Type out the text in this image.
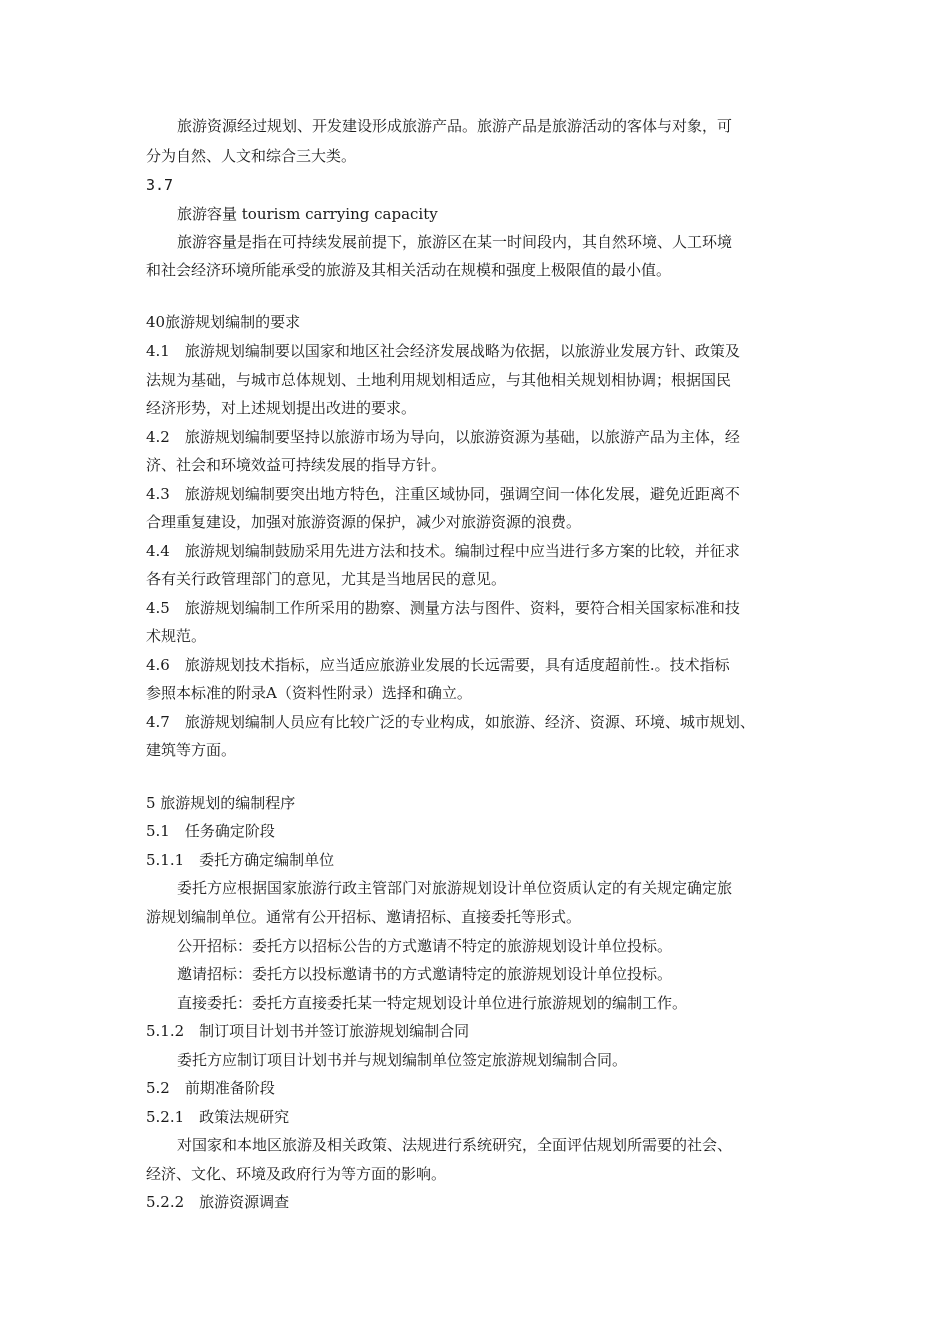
旅游资源经过规划、开发建设形成旅游产品。旅游产品是旅游活动的客体与对象，可
分为自然、人文和综合三大类。
3.7
旅游容量 tourism carrying capacity
旅游容量是指在可持续发展前提下，旅游区在某一时间段内，其自然环境、人工环境
和社会经济环境所能承受的旅游及其相关活动在规模和强度上极限值的最小值。
40旅游规划编制的要求
4.1　旅游规划编制要以国家和地区社会经济发展战略为依据，以旅游业发展方针、政策及
法规为基础，与城市总体规划、土地利用规划相适应，与其他相关规划相协调；根据国民
经济形势，对上述规划提出改进的要求。
4.2　旅游规划编制要坚持以旅游市场为导向，以旅游资源为基础，以旅游产品为主体，经
济、社会和环境效益可持续发展的指导方针。
4.3　旅游规划编制要突出地方特色，注重区域协同，强调空间一体化发展，避免近距离不
合理重复建设，加强对旅游资源的保护，减少对旅游资源的浪费。
4.4　旅游规划编制鼓励采用先进方法和技术。编制过程中应当进行多方案的比较，并征求
各有关行政管理部门的意见，尤其是当地居民的意见。
4.5　旅游规划编制工作所采用的勘察、测量方法与图件、资料，要符合相关国家标准和技
术规范。
4.6　旅游规划技术指标，应当适应旅游业发展的长远需要，具有适度超前性.。技术指标
参照本标准的附录A（资料性附录）选择和确立。
4.7　旅游规划编制人员应有比较广泛的专业构成，如旅游、经济、资源、环境、城市规划、
建筑等方面。
5 旅游规划的编制程序
5.1　任务确定阶段
5.1.1　委托方确定编制单位
委托方应根据国家旅游行政主管部门对旅游规划设计单位资质认定的有关规定确定旅
游规划编制单位。通常有公开招标、邀请招标、直接委托等形式。
公开招标：委托方以招标公告的方式邀请不特定的旅游规划设计单位投标。
邀请招标：委托方以投标邀请书的方式邀请特定的旅游规划设计单位投标。
直接委托：委托方直接委托某一特定规划设计单位进行旅游规划的编制工作。
5.1.2　制订项目计划书并签订旅游规划编制合同
委托方应制订项目计划书并与规划编制单位签定旅游规划编制合同。
5.2　前期准备阶段
5.2.1　政策法规研究
对国家和本地区旅游及相关政策、法规进行系统研究，全面评估规划所需要的社会、
经济、文化、环境及政府行为等方面的影响。
5.2.2　旅游资源调查
